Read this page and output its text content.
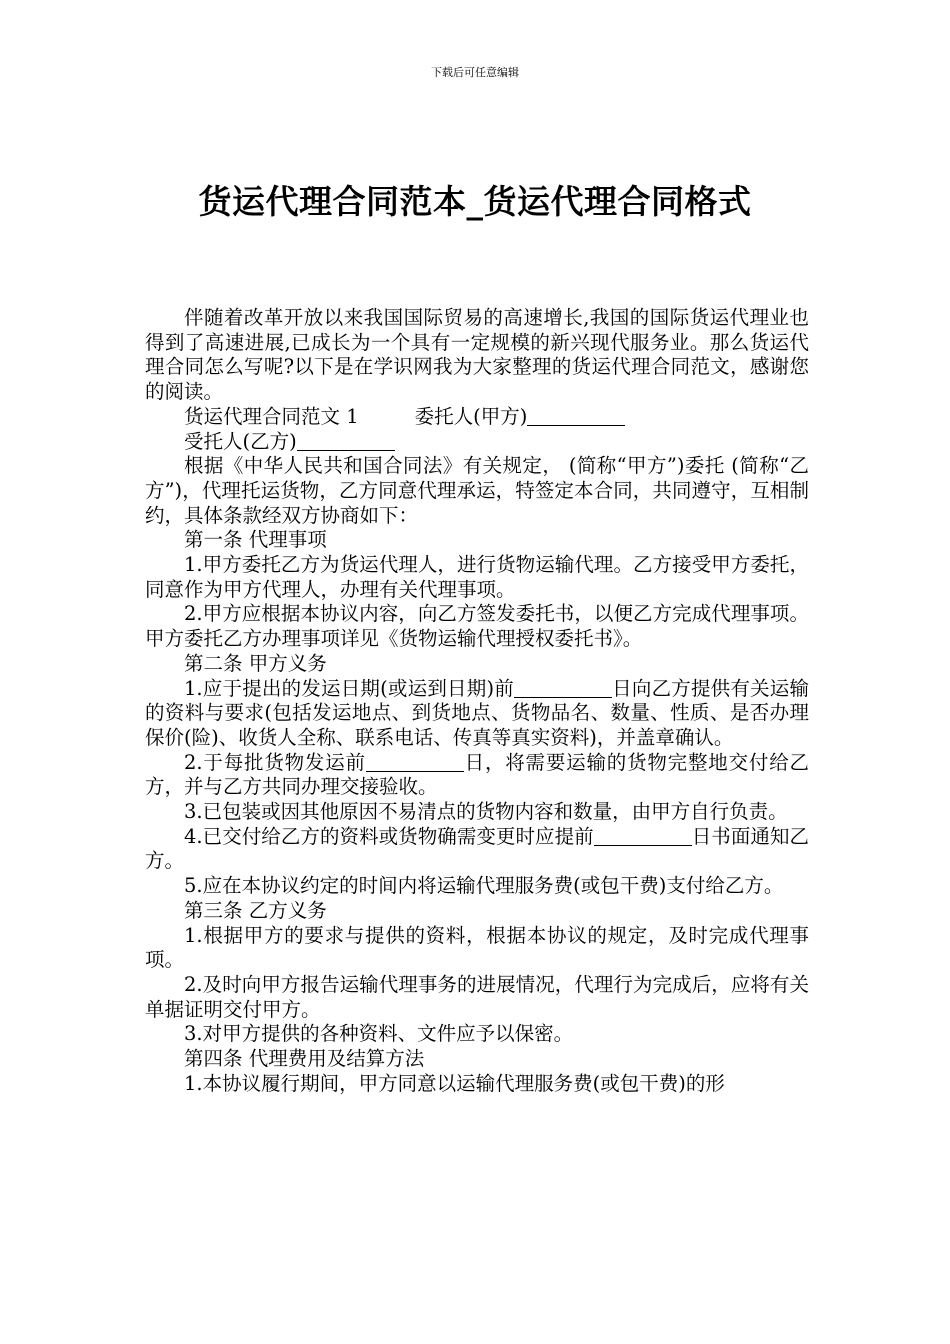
下载后可任意编辑
货运代理合同范本_货运代理合同格式

伴随着改革开放以来我国国际贸易的高速增长,我国的国际货运代理业也得到了高速进展,已成长为一个具有一定规模的新兴现代服务业。那么货运代理合同怎么写呢?以下是在学识网我为大家整理的货运代理合同范文，感谢您的阅读。

货运代理合同范文 1	委托人(甲方)

受托人(乙方)

根据《中华人民共和国合同法》有关规定， (简称“甲方”)委托 (简称“乙方”)，代理托运货物，乙方同意代理承运，特签定本合同，共同遵守，互相制约，具体条款经双方协商如下：

第一条 代理事项

1.甲方委托乙方为货运代理人，进行货物运输代理。乙方接受甲方委托，同意作为甲方代理人，办理有关代理事项。

2.甲方应根据本协议内容，向乙方签发委托书，以便乙方完成代理事项。甲方委托乙方办理事项详见《货物运输代理授权委托书》。

第二条 甲方义务

1.应于提出的发运日期(或运到日期)前	日向乙方提供有关运输的资料与要求(包括发运地点、到货地点、货物品名、数量、性质、是否办理保价(险)、收货人全称、联系电话、传真等真实资料)，并盖章确认。

2.于每批货物发运前	日，将需要运输的货物完整地交付给乙方，并与乙方共同办理交接验收。

3.已包装或因其他原因不易清点的货物内容和数量，由甲方自行负责。

4.已交付给乙方的资料或货物确需变更时应提前	日书面通知乙方。

5.应在本协议约定的时间内将运输代理服务费(或包干费)支付给乙方。

第三条 乙方义务

1.根据甲方的要求与提供的资料，根据本协议的规定，及时完成代理事项。

2.及时向甲方报告运输代理事务的进展情况，代理行为完成后，应将有关单据证明交付甲方。

3.对甲方提供的各种资料、文件应予以保密。

第四条 代理费用及结算方法

1.本协议履行期间，甲方同意以运输代理服务费(或包干费)的形
